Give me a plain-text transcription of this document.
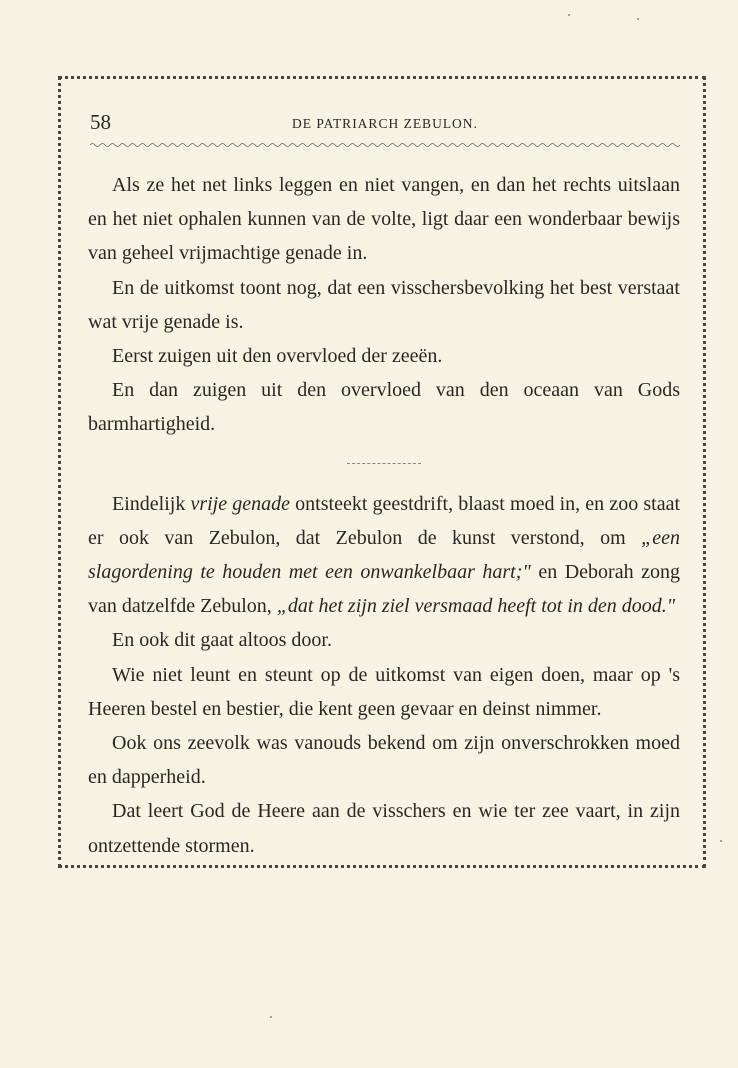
58	DE PATRIARCH ZEBULON.

Als ze het net links leggen en niet vangen, en dan het rechts uitslaan en het niet ophalen kunnen van de volte, ligt daar een wonderbaar bewijs van geheel vrijmachtige genade in.

En de uitkomst toont nog, dat een visschersbevolking het best verstaat wat vrije genade is.

Eerst zuigen uit den overvloed der zeeën.

En dan zuigen uit den overvloed van den oceaan van Gods barmhartigheid.

Eindelijk vrije genade ontsteekt geestdrift, blaast moed in, en zoo staat er ook van Zebulon, dat Zebulon de kunst verstond, om „een slagordening te houden met een onwankelbaar hart;" en Deborah zong van datzelfde Zebulon, „dat het zijn ziel versmaad heeft tot in den dood."

En ook dit gaat altoos door.

Wie niet leunt en steunt op de uitkomst van eigen doen, maar op 's Heeren bestel en bestier, die kent geen gevaar en deinst nimmer.

Ook ons zeevolk was vanouds bekend om zijn onverschrokken moed en dapperheid.

Dat leert God de Heere aan de visschers en wie ter zee vaart, in zijn ontzettende stormen.
